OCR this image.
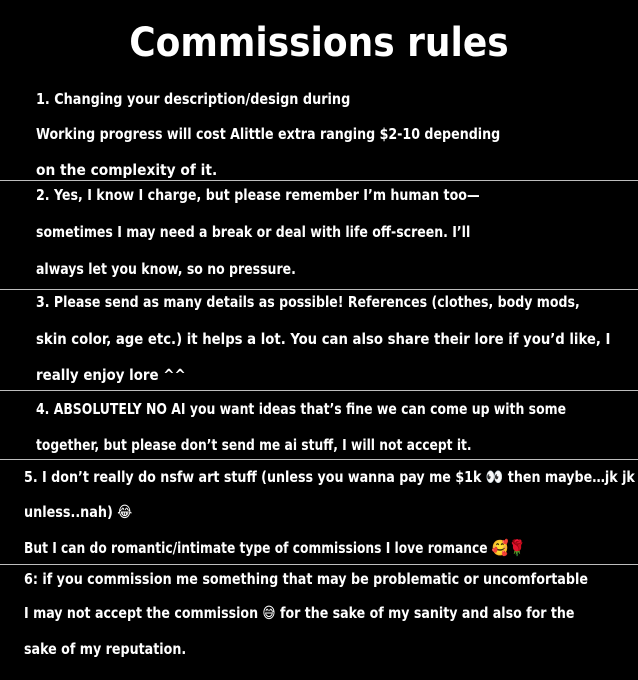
Commissions rules
1. Changing your description/design during
Working progress will cost Alittle extra ranging $2-10 depending
on the complexity of it.
2. Yes, I know I charge, but please remember I’m human too—
sometimes I may need a break or deal with life off-screen. I’ll
always let you know, so no pressure.
3. Please send as many details as possible! References (clothes, body mods,
skin color, age etc.) it helps a lot. You can also share their lore if you’d like, I
really enjoy lore ^^
4. ABSOLUTELY NO AI you want ideas that’s fine we can come up with some
together, but please don’t send me ai stuff, I will not accept it.
5. I don’t really do nsfw art stuff (unless you wanna pay me $1k 👀 then maybe…jk jk
unless..nah) 😂
But I can do romantic/intimate type of commissions I love romance 🥰🌹
6: if you commission me something that may be problematic or uncomfortable
I may not accept the commission 😅 for the sake of my sanity and also for the
sake of my reputation.
